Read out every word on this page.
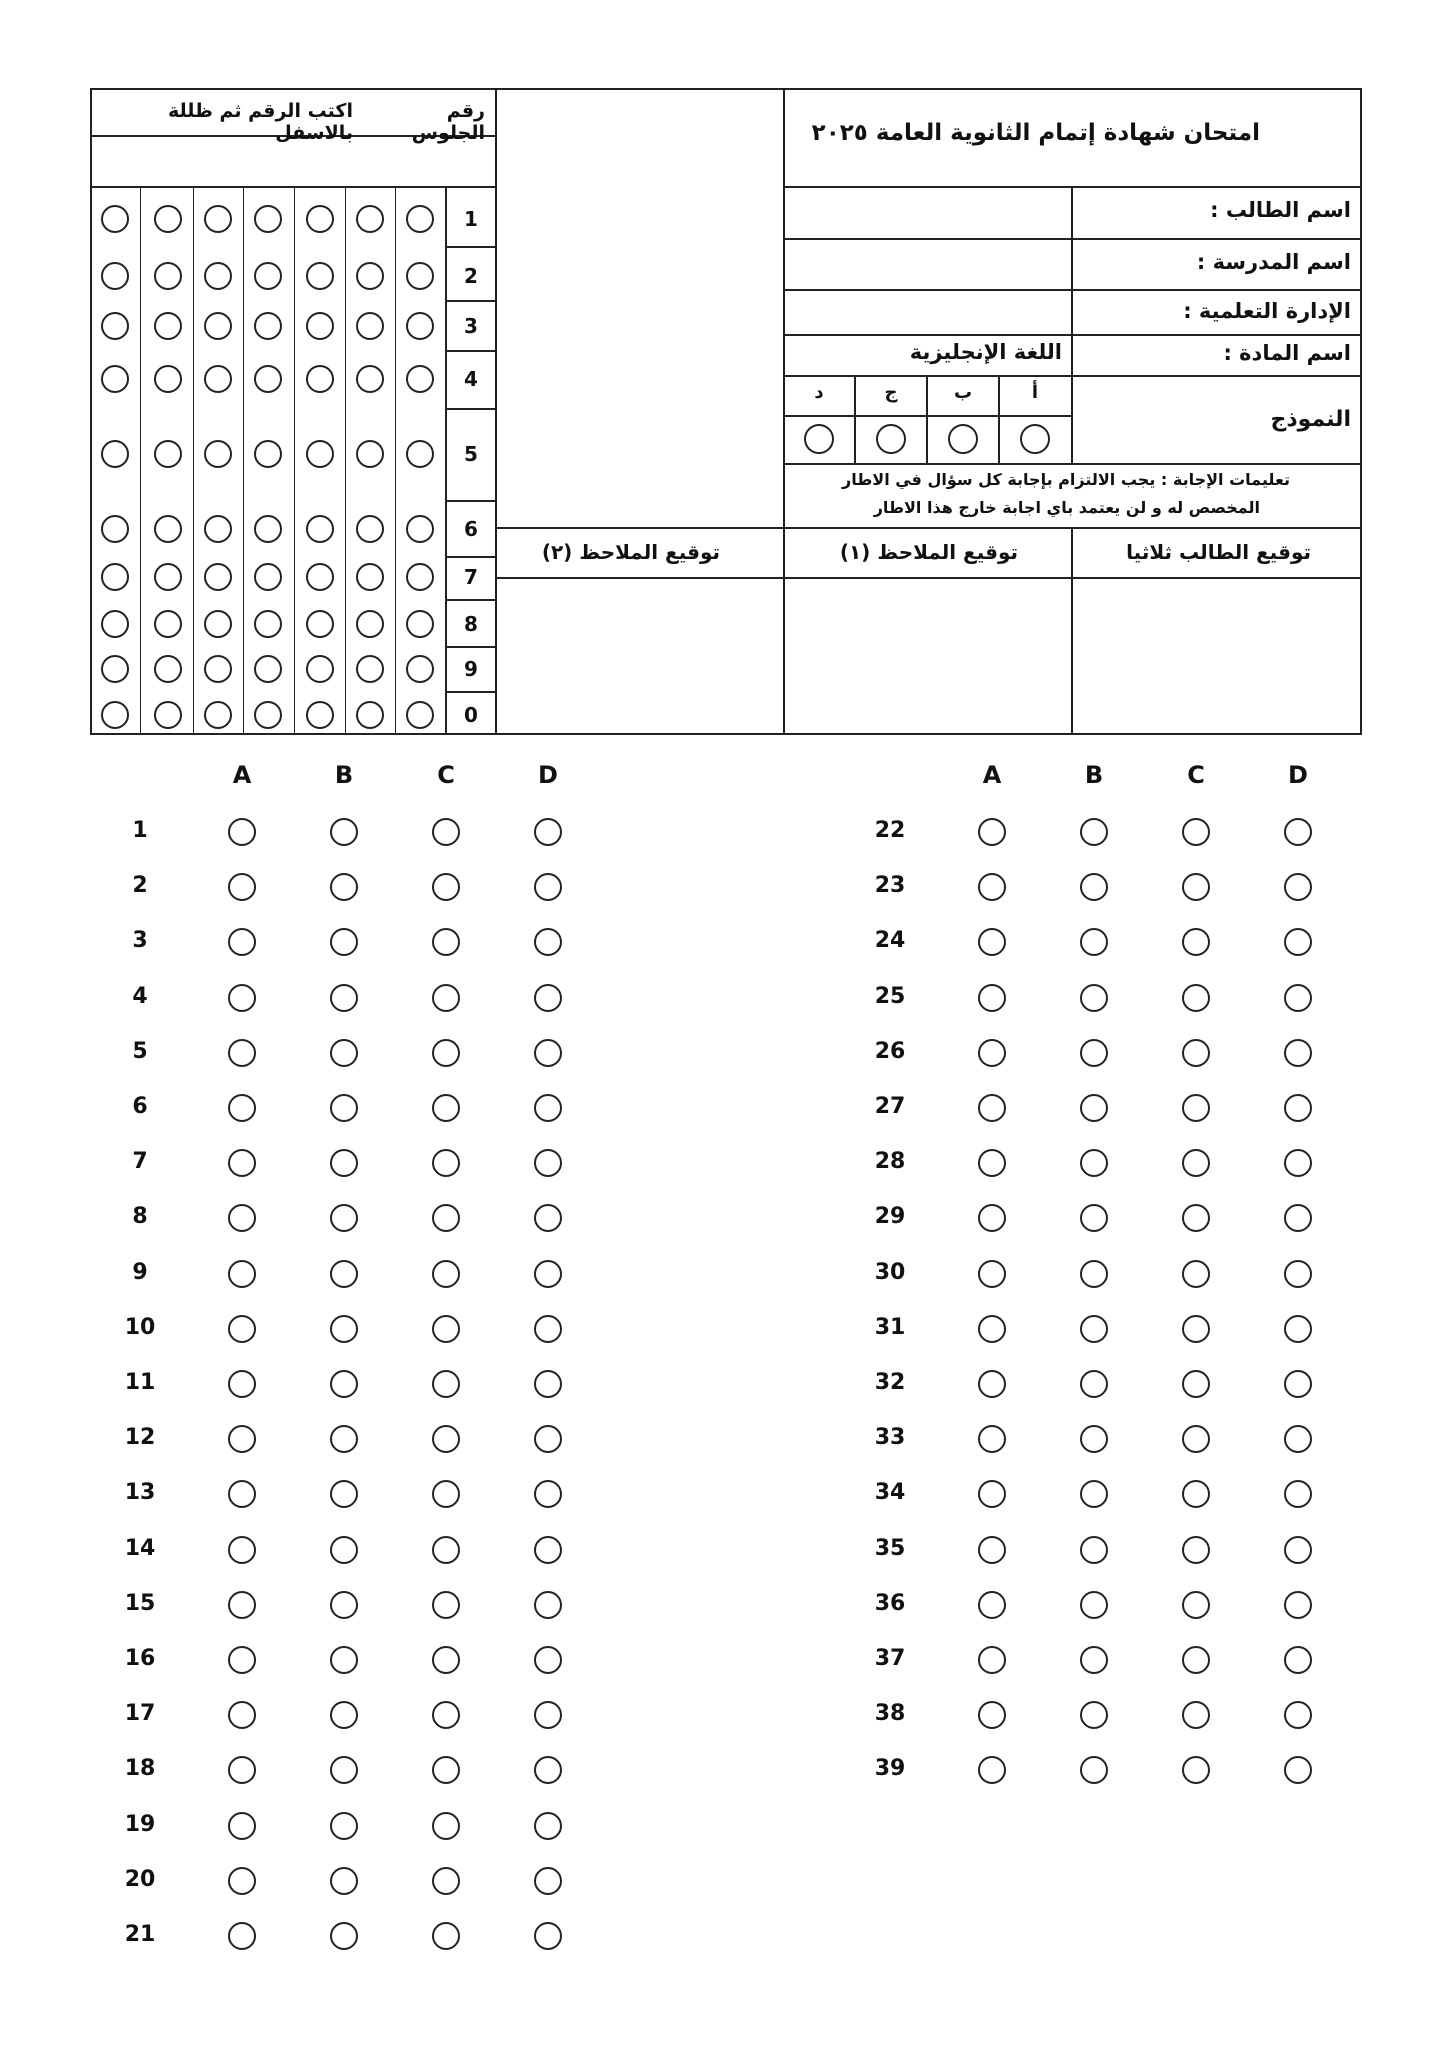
رقم الجلوس
اكتب الرقم ثم ظللة بالاسفل
1
2
3
4
5
6
7
8
9
0
امتحان شهادة إتمام الثانوية العامة ٢٠٢٥
اسم الطالب :
اسم المدرسة :
الإدارة التعلمية :
اسم المادة :
اللغة الإنجليزية
النموذج
أ
ب
ج
د
تعليمات الإجابة : يجب الالتزام بإجابة كل سؤال في الاطار
المخصص له و لن يعتمد باي اجابة خارج هذا الاطار
توقيع الطالب ثلاثيا
توقيع الملاحظ (١)
توقيع الملاحظ (٢)
A	B	C	D
1
2
3
4
5
6
7
8
9
10
11
12
13
14
15
16
17
18
19
20
21
A	B	C	D
22
23
24
25
26
27
28
29
30
31
32
33
34
35
36
37
38
39
